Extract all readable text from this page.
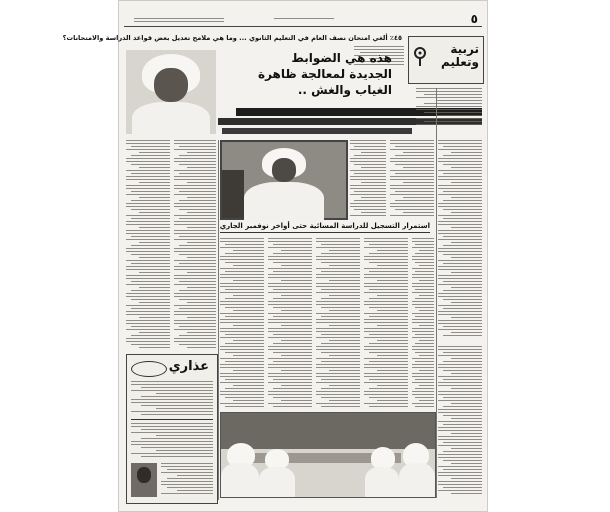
٥
٤٥٪ ألغي امتحان نصف العام في التعليم الثانوي ... وما هي ملامح تعديل بعض قواعد الدراسة والامتحانات؟
تربية وتعليم
هذه هي الضوابط
الجديدة لمعالجة ظاهرة
الغياب والغش ..
استمرار التسجيل للدراسة المسائية حتى أواخر نوفمبر الجاري
عذاري
